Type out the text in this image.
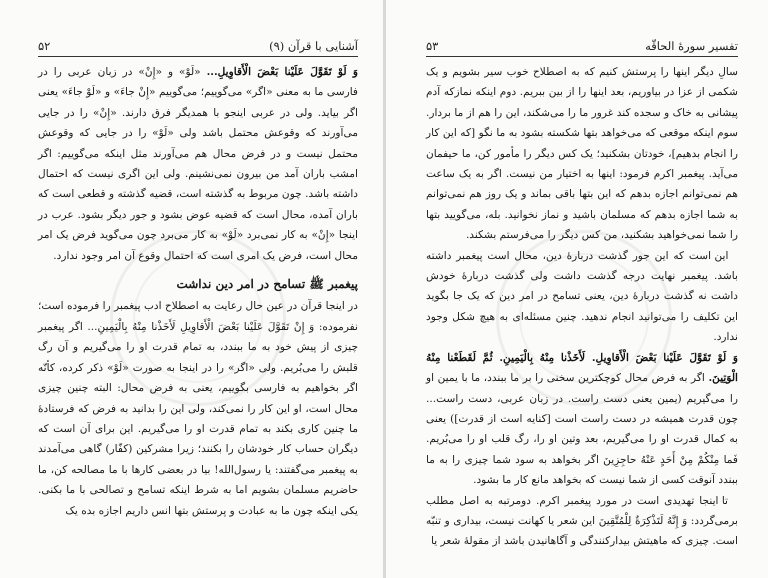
آشنایی با قرآن (۹)
۵۲

وَ لَوْ تَقَوَّلَ عَلَیْنا بَعْضَ الْأَقاوِیلِ... «لَوْ» و «إِنْ» در زبان عربی را در فارسی ما به معنی «اگر» می‌گوییم؛ می‌گوییم «إِنْ جاءَ» و «لَوْ جاءَ» یعنی اگر بیاید. ولی در عربی اینجو با همدیگر فرق دارند. «إِنْ» را در جایی می‌آورند که وقوعش محتمل باشد ولی «لَوْ» را در جایی که وقوعش محتمل نیست و در فرض محال هم می‌آورند مثل اینکه می‌گوییم: اگر امشب باران آمد من بیرون نمی‌نشینم. ولی این اگری نیست که احتمال داشته باشد. چون مربوط به گذشته است، قضیه گذشته و قطعی است که باران آمده، محال است که قضیه عوض بشود و جور دیگر بشود. عرب در اینجا «إِنْ» به کار نمی‌برد «لَوْ» به کار می‌برد چون می‌گوید فرض یک امر محال است، فرض یک امری است که احتمال وقوع آن امر وجود ندارد.

پیغمبر ﷺ تسامح در امر دین نداشت

در اینجا قرآن در عین حال رعایت به اصطلاح ادب پیغمبر را فرموده است؛ نفرموده: وَ إِنْ تَقَوَّلَ عَلَیْنا بَعْضَ الْأَقاوِیلِ لَأَخَذْنا مِنْهُ بِالْیَمِینِ... اگر پیغمبر چیزی از پیش خود به ما ببندد، به تمام قدرت او را می‌گیریم و آن رگ قلبش را می‌بُریم. ولی «اگر» را در اینجا به صورت «لَوْ» ذکر کرده، کأنّه اگر بخواهیم به فارسی بگوییم، یعنی به فرض محال: البته چنین چیزی محال است، او این کار را نمی‌کند، ولی این را بدانید به فرض که فرستادهٔ ما چنین کاری بکند به تمام قدرت او را می‌گیریم. این برای آن است که دیگران حساب کار خودشان را بکنند؛ زیرا مشرکین (کفّار) گاهی می‌آمدند به پیغمبر می‌گفتند: یا رسول‌الله! بیا در بعضی کارها با ما مصالحه کن، ما حاضریم مسلمان بشویم اما به شرط اینکه تسامح و تصالحی با ما بکنی. یکی اینکه چون ما به عبادت و پرستش بتها انس داریم اجازه بده یک

تفسیر سورهٔ الحاقّه
۵۳

سالِ دیگر اینها را پرستش کنیم که به اصطلاح خوب سیر بشویم و یک شکمی از عزا در بیاوریم، بعد اینها را از بین ببریم. دوم اینکه نمازکه آدم پیشانی به خاک و سجده کند غرور ما را می‌شکند، این را هم از ما بردار. سوم اینکه موقعی که می‌خواهد بتها شکسته بشود به ما نگو [که این کار را انجام بدهیم]، خودتان بشکنید؛ یک کس دیگر را مأمور کن، ما حیفمان می‌آید. پیغمبر اکرم فرمود: اینها به اختیار من نیست. اگر به یک ساعت هم نمی‌توانم اجازه بدهم که این بتها باقی بماند و یک روز هم نمی‌توانم به شما اجازه بدهم که مسلمان باشید و نماز نخوانید. بله، می‌گویید بتها را شما نمی‌خواهید بشکنید، من کس دیگر را می‌فرستم بشکند.

این است که این جور گذشت دربارهٔ دین، محال است پیغمبر داشته باشد. پیغمبر نهایت درجه گذشت داشت ولی گذشت دربارهٔ خودش داشت نه گذشت دربارهٔ دین، یعنی تسامح در امر دین که یک جا بگوید این تکلیف را می‌توانید انجام ندهید. چنین مسئله‌ای به هیچ شکل وجود ندارد.

وَ لَوْ تَقَوَّلَ عَلَیْنا بَعْضَ الْأَقاوِیلِ. لَأَخَذْنا مِنْهُ بِالْیَمِینِ. ثُمَّ لَقَطَعْنا مِنْهُ الْوَتِینَ. اگر به فرض محال کوچکترین سخنی را بر ما ببندد، ما با یمین او را می‌گیریم (یمین یعنی دست راست. در زبان عربی، دست راست... چون قدرت همیشه در دست راست است [کنایه است از قدرت]) یعنی به کمال قدرت او را می‌گیریم، بعد وتین او را، رگ قلب او را می‌بُریم. فَما مِنْکُمْ مِنْ أَحَدٍ عَنْهُ حاجِزِینَ اگر بخواهد به سود شما چیزی را به ما ببندد آنوقت کسی از شما نیست که بخواهد مانع کار ما بشود.

تا اینجا تهدیدی است در مورد پیغمبر اکرم. دومرتبه به اصل مطلب برمی‌گردد: وَ إِنَّهُ لَتَذْکِرَةٌ لِلْمُتَّقِینَ این شعر یا کهانت نیست، بیداری و تنبّه است. چیزی که ماهیتش بیدارکنندگی و آگاهانیدن باشد از مقولهٔ شعر یا
